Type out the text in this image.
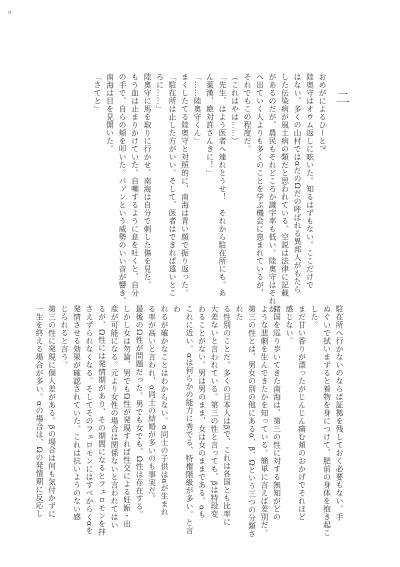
9
二

おめがによるひーと?

陸奥守はオウム返しに呟いた。知るはずもない。ここだけで

はない、多くの山村ではαだのΩだの呼ばれる異邦人がもたら

した伝染病が風土病の類だと思われている。空説は法律に記載

があるのだが、農民もそれどころか識字率も低い。陸奥守はそれが

へ出ていく人よりも多くのことを学ぶ機会に恵まれているが、

それでもこの程度だ。

（これはやは……）

「先生、はよう医者へ連れとうせ！　それから駐在所にも。あ

ん薬漢、絶対許さんきに！」

「……陸奥守くん」

まくしたてる陸奥守と対照的に、南海は青い顔で振り返った。

「駐在所は止した方がいい。そして、医者はできれば遠いとこ

ろに……」

陸奥守に馬を取りに行かせ、南海は自分で刺した傷を見た。

もう血は止まりかけていた。自嘲するように息を吐くと、自分

の手で、自らの頬を叩いた。パァンという威勢のいい音が響き、

南海は目を見開いた。

「さてと」

駐在所へ行かないのならば証拠を残しておく必要もない。手

ぬぐいで拭いまずると着物を身につけて、肥前の身体を抱き起こした。

まだ甘い香りが漂ったがじんじん痛む頬のおかげでそれほど

感じない。

諸国を巡り歩いてきた南海は、第三の性に対する無知がどの

ような悲劇を生んできたかを知っている。簡単に言えば差別だ。

第三の性とは、男女の別の他にあるα、β、Ωという三つの分類された

る性別のことだ。多くの日本人はβで、これは各国とも比率に

大差ないと言われている。第三の性と言っても、βは特段変

わることがない。男は男のまま、女は女のままである。αも

これに近い。αは何らかの能力に秀でる、特権階級が多い。と言わ

れるが確かなことはわからない。α同士の子供はαが生まれ

る率が高いと言われ、α同士の結婚が多いのも事実だ。

最後のΩ性が問題だった。男でも女でも、Ω性は存在する。

しかし女は勿論、男でもΩ性が発現すれば性交による妊娠・出

産が可能になる。元より女性の場合は関係ないと言われてはい

るが、Ω性には発情期があり、その期間になるとフェロモンを拌

さえずられなくなる。そしてそのフェロモンにはすべからくαを

発情させる効果が確認されていた。これは抗いようのない感

じられると言う。

第三の性に発現に個人差がある。βの場合は何も気付かずに

一生を終える場合が多い。αの場合は、Ωの発情期に反応し
